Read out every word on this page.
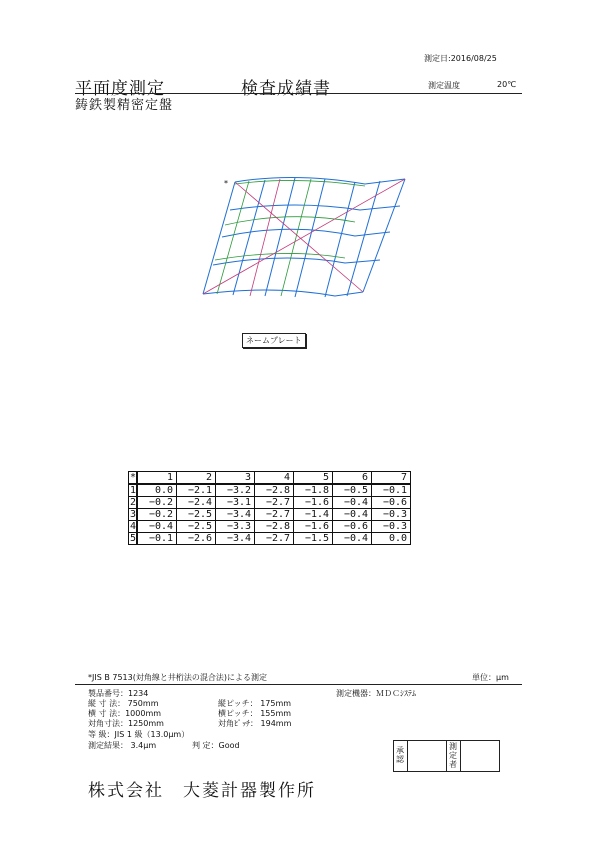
測定日:2016/08/25
平面度測定	検査成績書	測定温度	20℃
鋳鉄製精密定盤
*
ネームプレート
*	1	2	3	4	5	6	7
1	0.0	−2.1	−3.2	−2.8	−1.8	−0.5	−0.1
2	−0.2	−2.4	−3.1	−2.7	−1.6	−0.4	−0.6
3	−0.2	−2.5	−3.4	−2.7	−1.4	−0.4	−0.3
4	−0.4	−2.5	−3.3	−2.8	−1.6	−0.6	−0.3
5	−0.1	−2.6	−3.4	−2.7	−1.5	−0.4	0.0
*JIS B 7513(対角線と井桁法の混合法)による測定	単位：μm
製品番号：1234	測定機器：ＭＤＣｼｽﾃﾑ
縦 寸 法： 750mm	縦ピッチ： 175mm
横 寸 法：1000mm	横ピッチ： 155mm
対角寸法：1250mm	対角ﾋﾟｯﾁ： 194mm
等 級：JIS 1 級（13.0μm）
測定結果： 3.4μm	判 定：Good
承認
測定者
株式会社　大菱計器製作所
